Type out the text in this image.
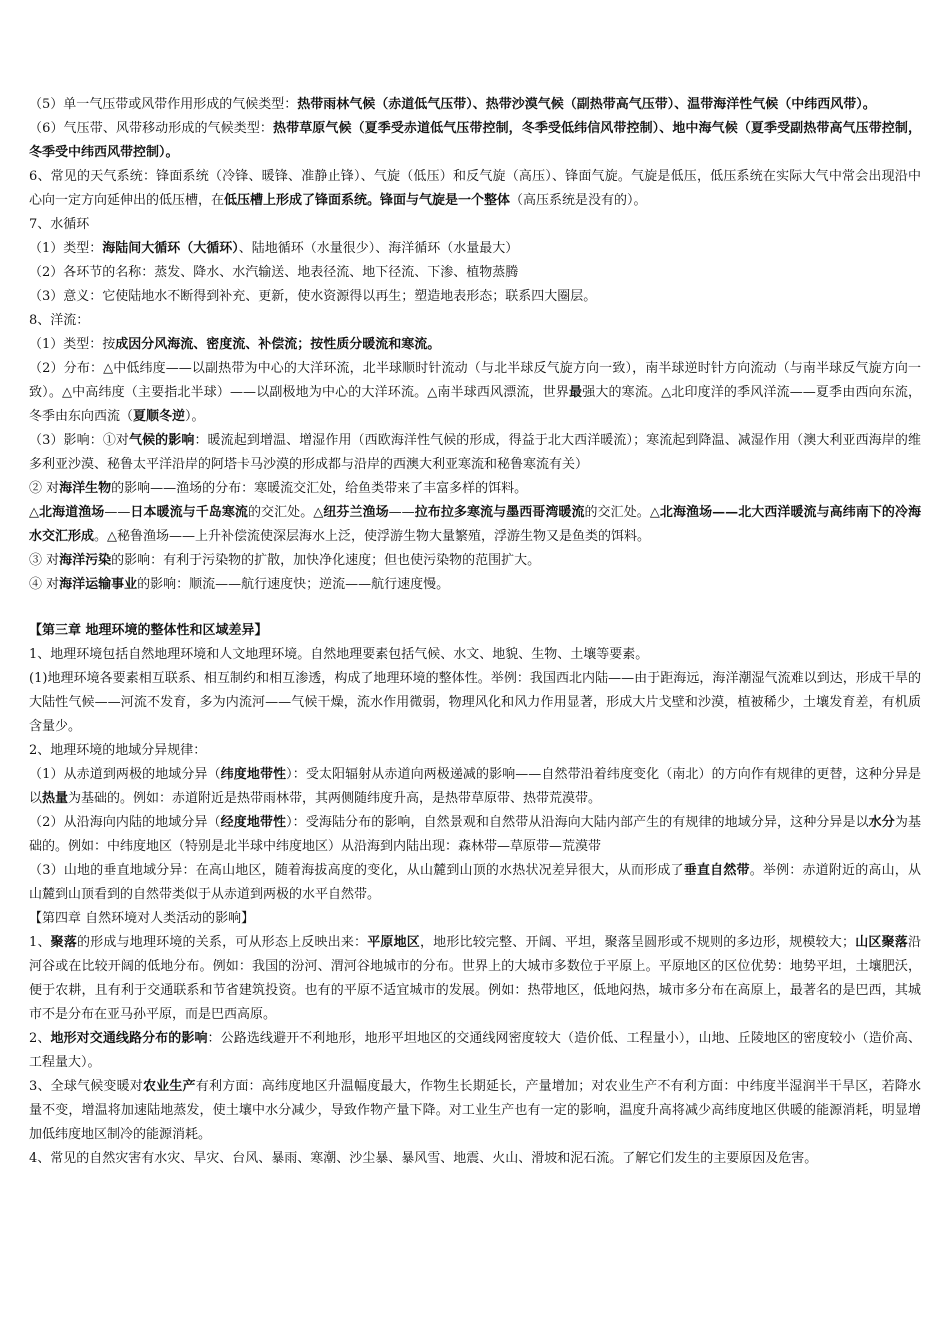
（5）单一气压带或风带作用形成的气候类型：热带雨林气候（赤道低气压带）、热带沙漠气候（副热带高气压带）、温带海洋性气候（中纬西风带）。

（6）气压带、风带移动形成的气候类型：热带草原气候（夏季受赤道低气压带控制，冬季受低纬信风带控制）、地中海气候（夏季受副热带高气压带控制，冬季受中纬西风带控制）。

6、常见的天气系统：锋面系统（冷锋、暖锋、准静止锋）、气旋（低压）和反气旋（高压）、锋面气旋。气旋是低压，低压系统在实际大气中常会出现沿中心向一定方向延伸出的低压槽，在低压槽上形成了锋面系统。锋面与气旋是一个整体（高压系统是没有的）。

7、水循环

（1）类型：海陆间大循环（大循环）、陆地循环（水量很少）、海洋循环（水量最大）

（2）各环节的名称：蒸发、降水、水汽输送、地表径流、地下径流、下渗、植物蒸腾

（3）意义：它使陆地水不断得到补充、更新，使水资源得以再生；塑造地表形态；联系四大圈层。

8、洋流：

（1）类型：按成因分风海流、密度流、补偿流；按性质分暖流和寒流。

（2）分布：△中低纬度——以副热带为中心的大洋环流，北半球顺时针流动（与北半球反气旋方向一致），南半球逆时针方向流动（与南半球反气旋方向一致）。△中高纬度（主要指北半球）——以副极地为中心的大洋环流。△南半球西风漂流，世界最强大的寒流。△北印度洋的季风洋流——夏季由西向东流，冬季由东向西流（夏顺冬逆）。

（3）影响：①对气候的影响：暖流起到增温、增湿作用（西欧海洋性气候的形成，得益于北大西洋暖流）；寒流起到降温、减湿作用（澳大利亚西海岸的维多利亚沙漠、秘鲁太平洋沿岸的阿塔卡马沙漠的形成都与沿岸的西澳大利亚寒流和秘鲁寒流有关）

② 对海洋生物的影响——渔场的分布：寒暖流交汇处，给鱼类带来了丰富多样的饵料。

△北海道渔场——日本暖流与千岛寒流的交汇处。△纽芬兰渔场——拉布拉多寒流与墨西哥湾暖流的交汇处。△北海渔场——北大西洋暖流与高纬南下的冷海水交汇形成。△秘鲁渔场——上升补偿流使深层海水上泛，使浮游生物大量繁殖，浮游生物又是鱼类的饵料。

③ 对海洋污染的影响：有利于污染物的扩散，加快净化速度；但也使污染物的范围扩大。

④ 对海洋运输事业的影响：顺流——航行速度快；逆流——航行速度慢。

【第三章 地理环境的整体性和区域差异】

1、地理环境包括自然地理环境和人文地理环境。自然地理要素包括气候、水文、地貌、生物、土壤等要素。

(1)地理环境各要素相互联系、相互制约和相互渗透，构成了地理环境的整体性。举例：我国西北内陆——由于距海远，海洋潮湿气流难以到达，形成干旱的大陆性气候——河流不发育，多为内流河——气候干燥，流水作用微弱，物理风化和风力作用显著，形成大片戈壁和沙漠，植被稀少，土壤发育差，有机质含量少。

2、地理环境的地域分异规律：

（1）从赤道到两极的地域分异（纬度地带性）：受太阳辐射从赤道向两极递减的影响——自然带沿着纬度变化（南北）的方向作有规律的更替，这种分异是以热量为基础的。例如：赤道附近是热带雨林带，其两侧随纬度升高，是热带草原带、热带荒漠带。

（2）从沿海向内陆的地域分异（经度地带性）：受海陆分布的影响，自然景观和自然带从沿海向大陆内部产生的有规律的地域分异，这种分异是以水分为基础的。例如：中纬度地区（特别是北半球中纬度地区）从沿海到内陆出现：森林带—草原带—荒漠带

（3）山地的垂直地域分异：在高山地区，随着海拔高度的变化，从山麓到山顶的水热状况差异很大，从而形成了垂直自然带。举例：赤道附近的高山，从山麓到山顶看到的自然带类似于从赤道到两极的水平自然带。

【第四章 自然环境对人类活动的影响】

1、聚落的形成与地理环境的关系，可从形态上反映出来：平原地区，地形比较完整、开阔、平坦，聚落呈圆形或不规则的多边形，规模较大；山区聚落沿河谷或在比较开阔的低地分布。例如：我国的汾河、渭河谷地城市的分布。世界上的大城市多数位于平原上。平原地区的区位优势：地势平坦，土壤肥沃，便于农耕，且有利于交通联系和节省建筑投资。也有的平原不适宜城市的发展。例如：热带地区，低地闷热，城市多分布在高原上，最著名的是巴西，其城市不是分布在亚马孙平原，而是巴西高原。

2、地形对交通线路分布的影响：公路选线避开不利地形，地形平坦地区的交通线网密度较大（造价低、工程量小），山地、丘陵地区的密度较小（造价高、工程量大）。

3、全球气候变暖对农业生产有利方面：高纬度地区升温幅度最大，作物生长期延长，产量增加；对农业生产不有利方面：中纬度半湿润半干旱区，若降水量不变，增温将加速陆地蒸发，使土壤中水分减少，导致作物产量下降。对工业生产也有一定的影响，温度升高将减少高纬度地区供暖的能源消耗，明显增加低纬度地区制冷的能源消耗。

4、常见的自然灾害有水灾、旱灾、台风、暴雨、寒潮、沙尘暴、暴风雪、地震、火山、滑坡和泥石流。了解它们发生的主要原因及危害。
